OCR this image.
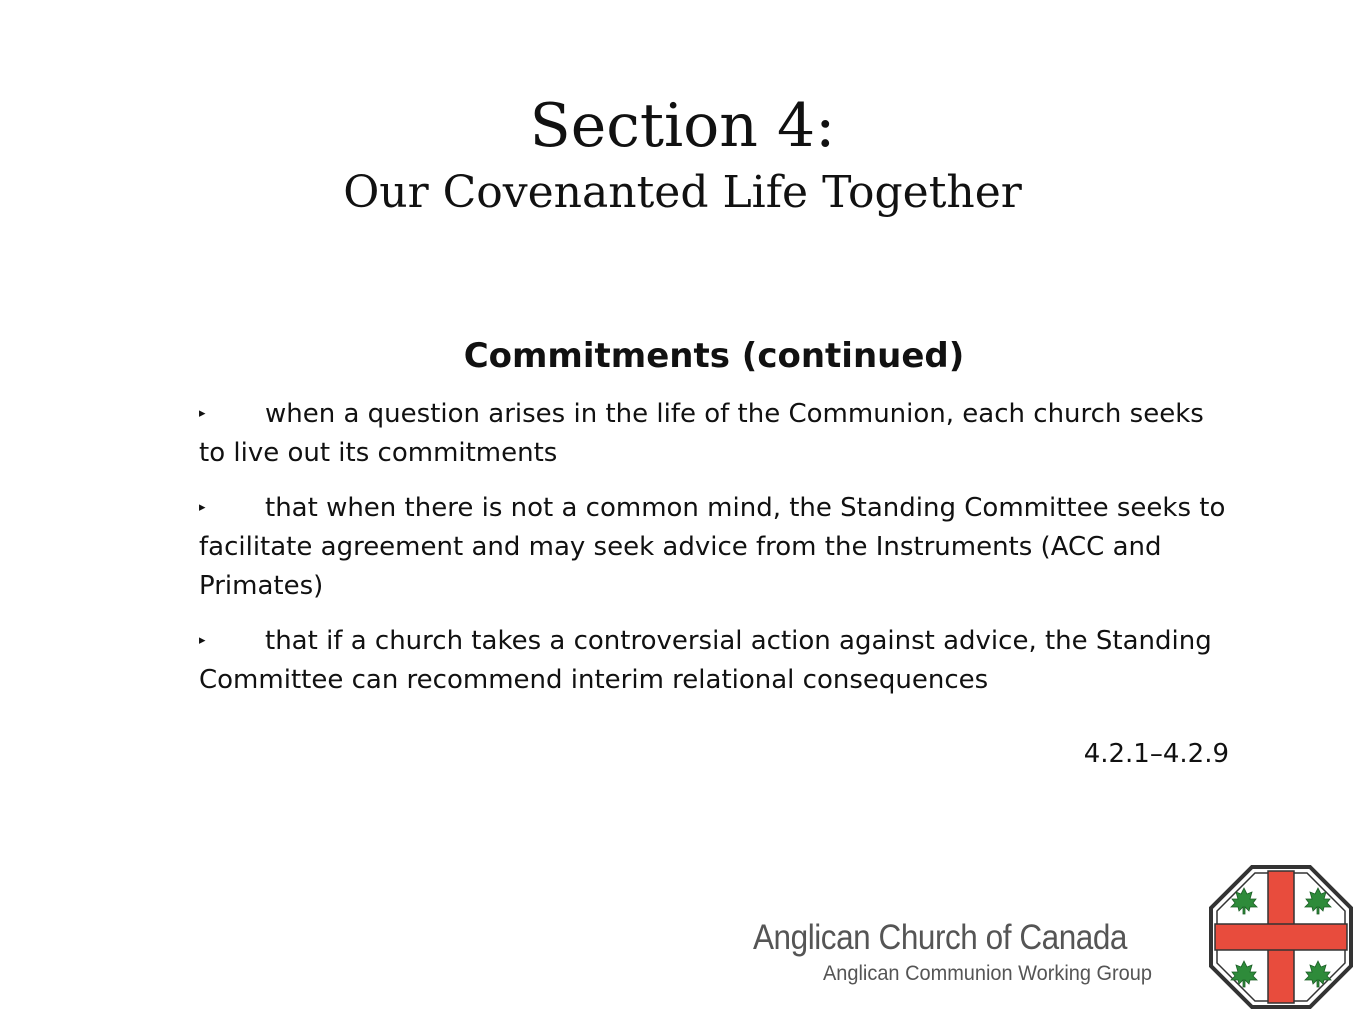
Section 4:
Our Covenanted Life Together
Commitments (continued)
▸ when a question arises in the life of the Communion, each church seeks to live out its commitments
▸ that when there is not a common mind, the Standing Committee seeks to facilitate agreement and may seek advice from the Instruments (ACC and Primates)
▸ that if a church takes a controversial action against advice, the Standing Committee can recommend interim relational consequences
4.2.1–4.2.9
Anglican Church of Canada
Anglican Communion Working Group
